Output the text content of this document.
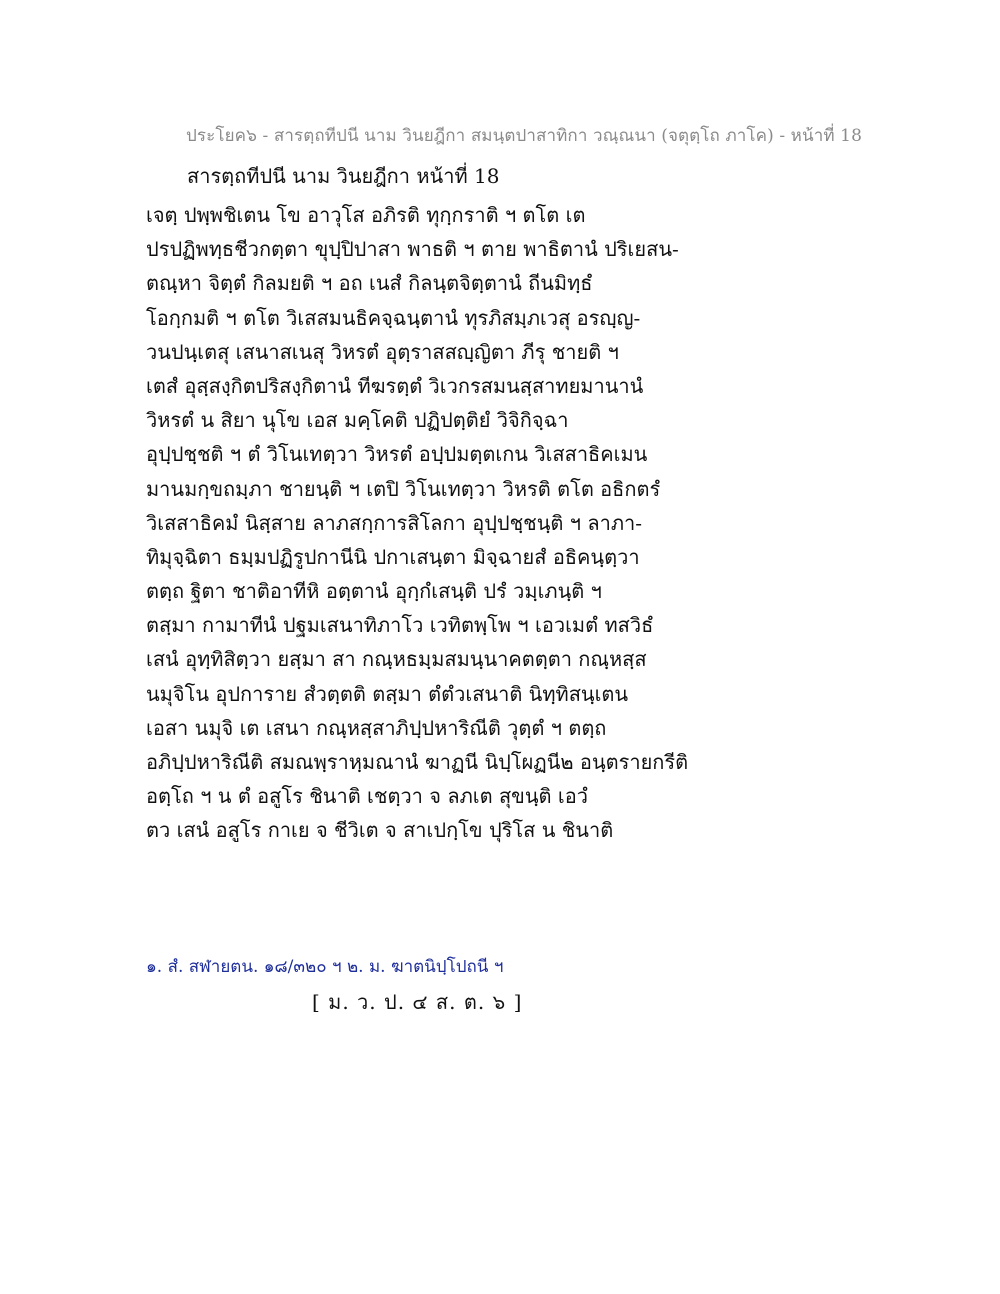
ประโยค๖ - สารตฺถทีปนี นาม วินยฎีกา สมนฺตปาสาทิกา วณฺณนา (จตุตฺโถ ภาโค) - หน้าที่ 18
สารตฺถทีปนี นาม วินยฎีกา หน้าที่ 18
เจตฺ ปพฺพชิเตน โข อาวุโส อภิรติ ทุกฺกราติ ฯ ตโต เต
ปรปฏิพทฺธชีวกตฺตา ขุปฺปิปาสา พาธติ ฯ ตาย พาธิตานํ ปริเยสน-
ตณฺหา จิตฺตํ กิลมยติ ฯ อถ เนสํ กิลนฺตจิตฺตานํ ถีนมิทฺธํ
โอกฺกมติ ฯ ตโต วิเสสมนธิคจฺฉนฺตานํ ทุรภิสมฺภเวสุ อรญฺญ-
วนปนฺเตสุ เสนาสเนสุ วิหรตํ อุตฺราสสญฺญิตา ภีรุ ชายติ ฯ
เตสํ อุสฺสงฺกิตปริสงฺกิตานํ ทีฆรตฺตํ วิเวกรสมนสฺสาทยมานานํ
วิหรตํ น สิยา นุโข เอส มคฺโคติ ปฏิปตฺติยํ วิจิกิจฺฉา
อุปฺปชฺชติ ฯ ตํ วิโนเทตฺวา วิหรตํ อปฺปมตฺตเกน วิเสสาธิคเมน
มานมกฺขถมฺภา ชายนฺติ ฯ เตปิ วิโนเทตฺวา วิหรติ ตโต อธิกตรํ
วิเสสาธิคมํ นิสฺสาย ลาภสกฺการสิโลกา อุปฺปชฺชนฺติ ฯ ลาภา-
ทิมุจฺฉิตา ธมฺมปฏิรูปกานีนิ ปกาเสนฺตา มิจฺฉายสํ อธิคนฺตฺวา
ตตฺถ ฐิตา ชาติอาทีหิ อตฺตานํ อุกฺกํเสนฺติ ปรํ วมฺเภนฺติ ฯ
ตสฺมา กามาทีนํ ปฐมเสนาทิภาโว เวทิตพฺโพ ฯ เอวเมตํ ทสวิธํ
เสนํ อุทฺทิสิตฺวา ยสฺมา สา กณฺหธมฺมสมนฺนาคตตฺตา กณฺหสฺส
นมุจิโน อุปการาย สํวตฺตติ ตสฺมา ตํตํวเสนาติ นิทฺทิสนฺเตน
เอสา นมุจิ เต เสนา กณฺหสฺสาภิปฺปหาริณีติ วุตฺตํ ฯ ตตฺถ
อภิปฺปหาริณีติ สมณพฺราหฺมณานํ ฆาฏนี นิปฺโผฏนี๒ อนฺตรายกรีติ
อตฺโถ ฯ น ตํ อสูโร ชินาติ เชตฺวา จ ลภเต สุขนฺติ เอวํ
ตว เสนํ อสูโร กาเย จ ชีวิเต จ สาเปกฺโข ปุริโส น ชินาติ
๑. สํ. สฬายตน. ๑๘/๓๒๐ ฯ ๒. ม. ฆาตนิปฺโปถนี ฯ
[ ม. ว. ป. ๔ ส. ต. ๖ ]
